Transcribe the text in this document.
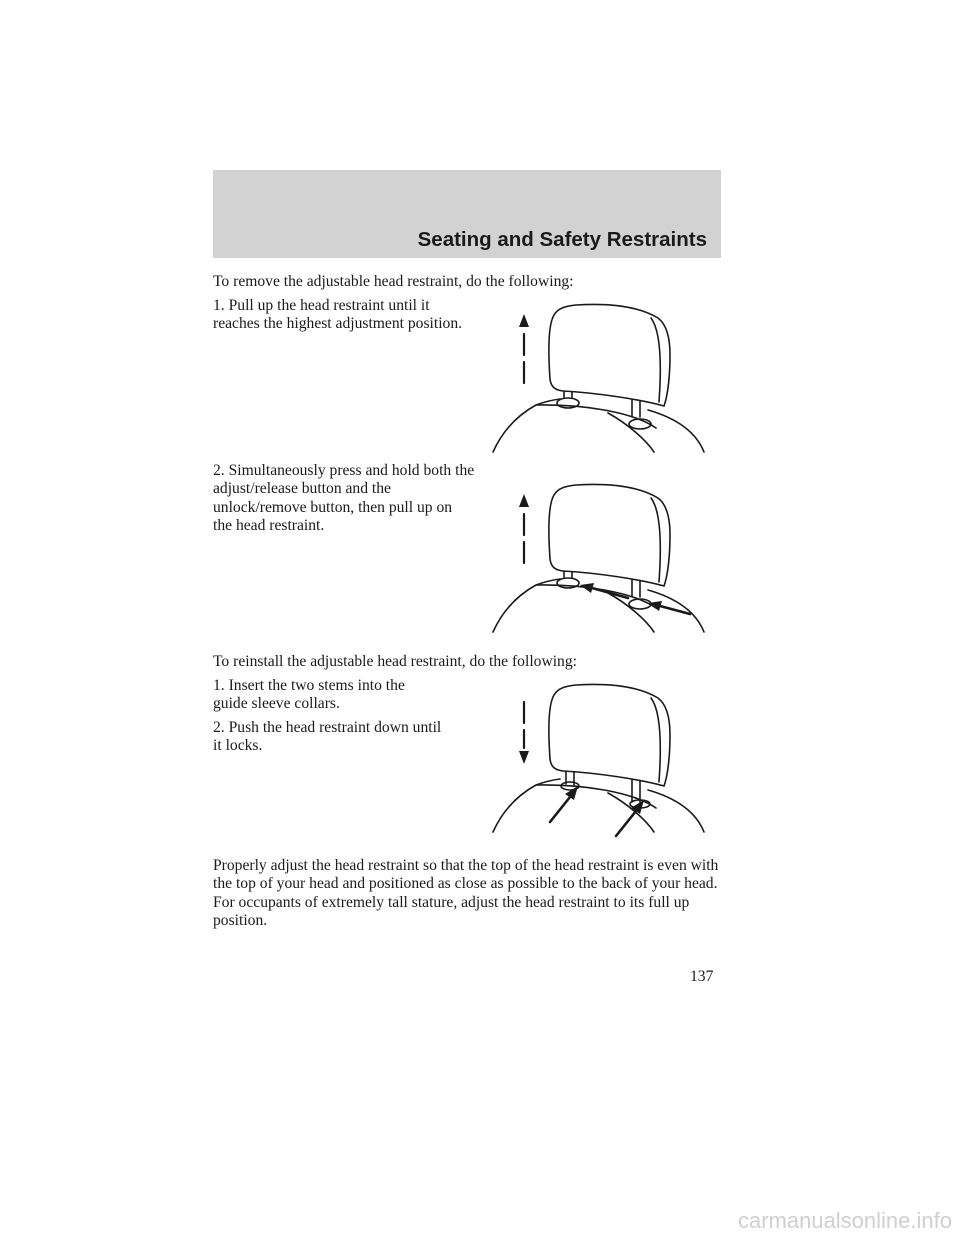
Seating and Safety Restraints

To remove the adjustable head restraint, do the following:

1. Pull up the head restraint until it reaches the highest adjustment position.

2. Simultaneously press and hold both the adjust/release button and the unlock/remove button, then pull up on the head restraint.

To reinstall the adjustable head restraint, do the following:

1. Insert the two stems into the guide sleeve collars.

2. Push the head restraint down until it locks.

Properly adjust the head restraint so that the top of the head restraint is even with the top of your head and positioned as close as possible to the back of your head. For occupants of extremely tall stature, adjust the head restraint to its full up position.

137
carmanualsonline.info
